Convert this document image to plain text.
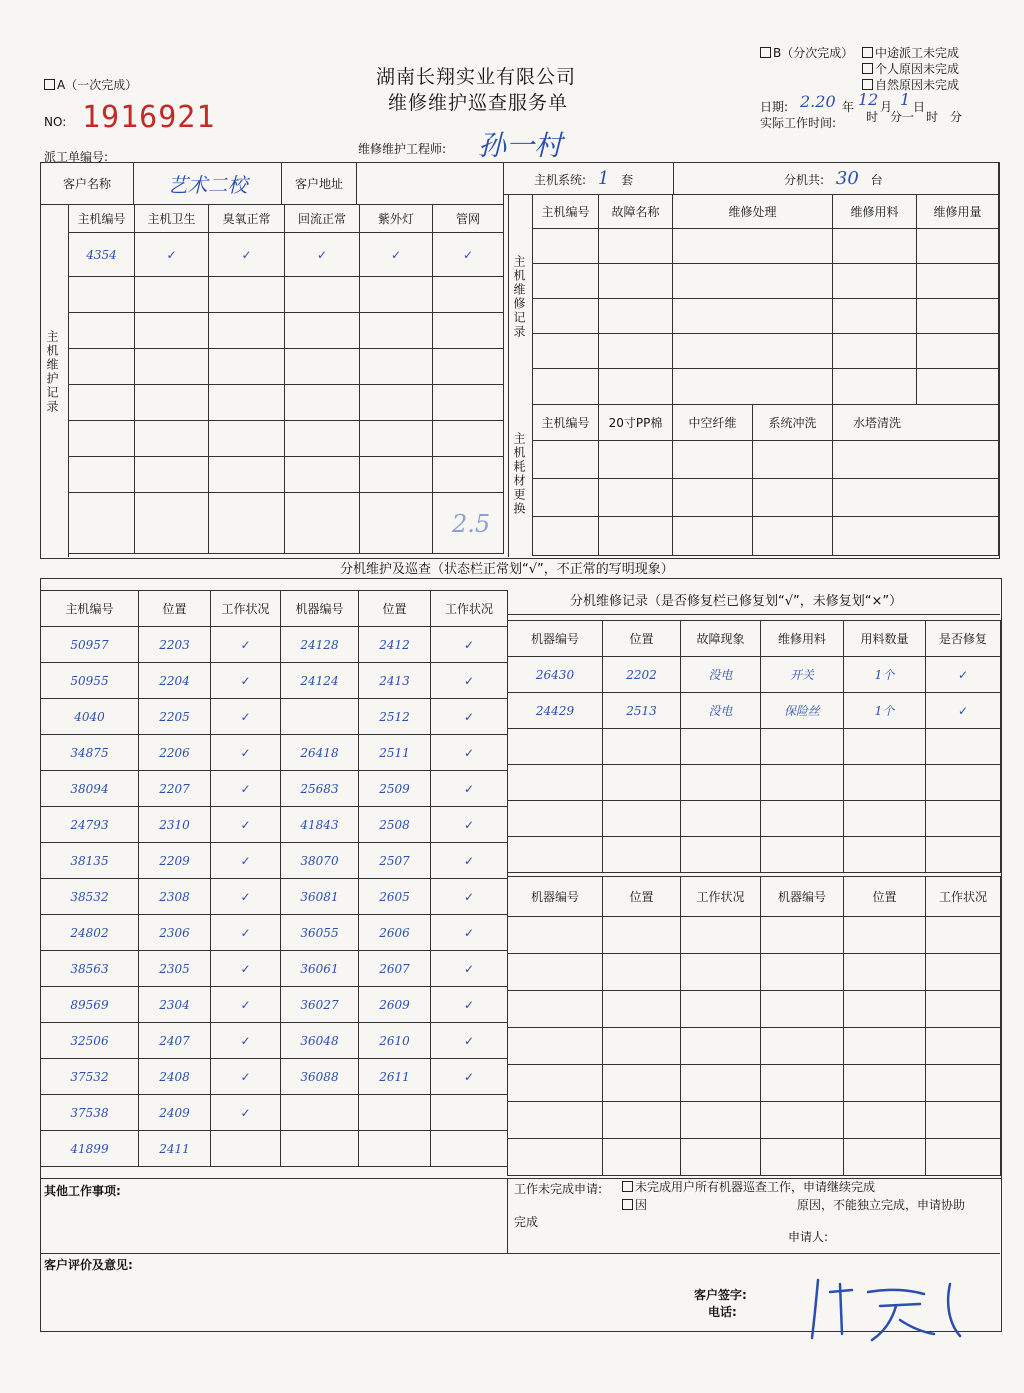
A（一次完成）	湖南长翔实业有限公司
维修维护巡查服务单
B（分次完成）	中途派工未完成
个人原因未完成
自然原因未完成
NO: 1916921	日期: 2.20 年 12 月 1 日
实际工作时间: 时　分一　时　分
派工单编号:
维修维护工程师: 孙一村
客户名称	艺术二校	客户地址		主机系统: 1 套	分机共: 30 台
主机维护记录
主机编号	主机卫生	臭氧正常	回流正常	紫外灯	管网
4354	✓	✓	✓	✓	✓

主机维修记录
主机耗材更换
主机编号	故障名称	维修处理	维修用料	维修用量

主机编号	20寸PP棉	中空纤维	系统冲洗	水塔清洗

2.5
分机维护及巡查（状态栏正常划“√”，不正常的写明现象）
主机编号	位置	工作状况	机器编号	位置	工作状况
50957	2203	✓	24128	2412	✓
50955	2204	✓	24124	2413	✓
4040	2205	✓		2512	✓
34875	2206	✓	26418	2511	✓
38094	2207	✓	25683	2509	✓
24793	2310	✓	41843	2508	✓
38135	2209	✓	38070	2507	✓
38532	2308	✓	36081	2605	✓
24802	2306	✓	36055	2606	✓
38563	2305	✓	36061	2607	✓
89569	2304	✓	36027	2609	✓
32506	2407	✓	36048	2610	✓
37532	2408	✓	36088	2611	✓
37538	2409	✓			
41899	2411				
分机维修记录（是否修复栏已修复划“√”，未修复划“×”）
机器编号	位置	故障现象	维修用料	用料数量	是否修复
26430	2202	没电	开关	1个	✓
24429	2513	没电	保险丝	1个	✓

机器编号	位置	工作状况	机器编号	位置	工作状况

其他工作事项:	工作未完成申请:	未完成用户所有机器巡查工作，申请继续完成
因	原因，不能独立完成，申请协助
完成
申请人:
客户评价及意见:
客户签字:
电话:
